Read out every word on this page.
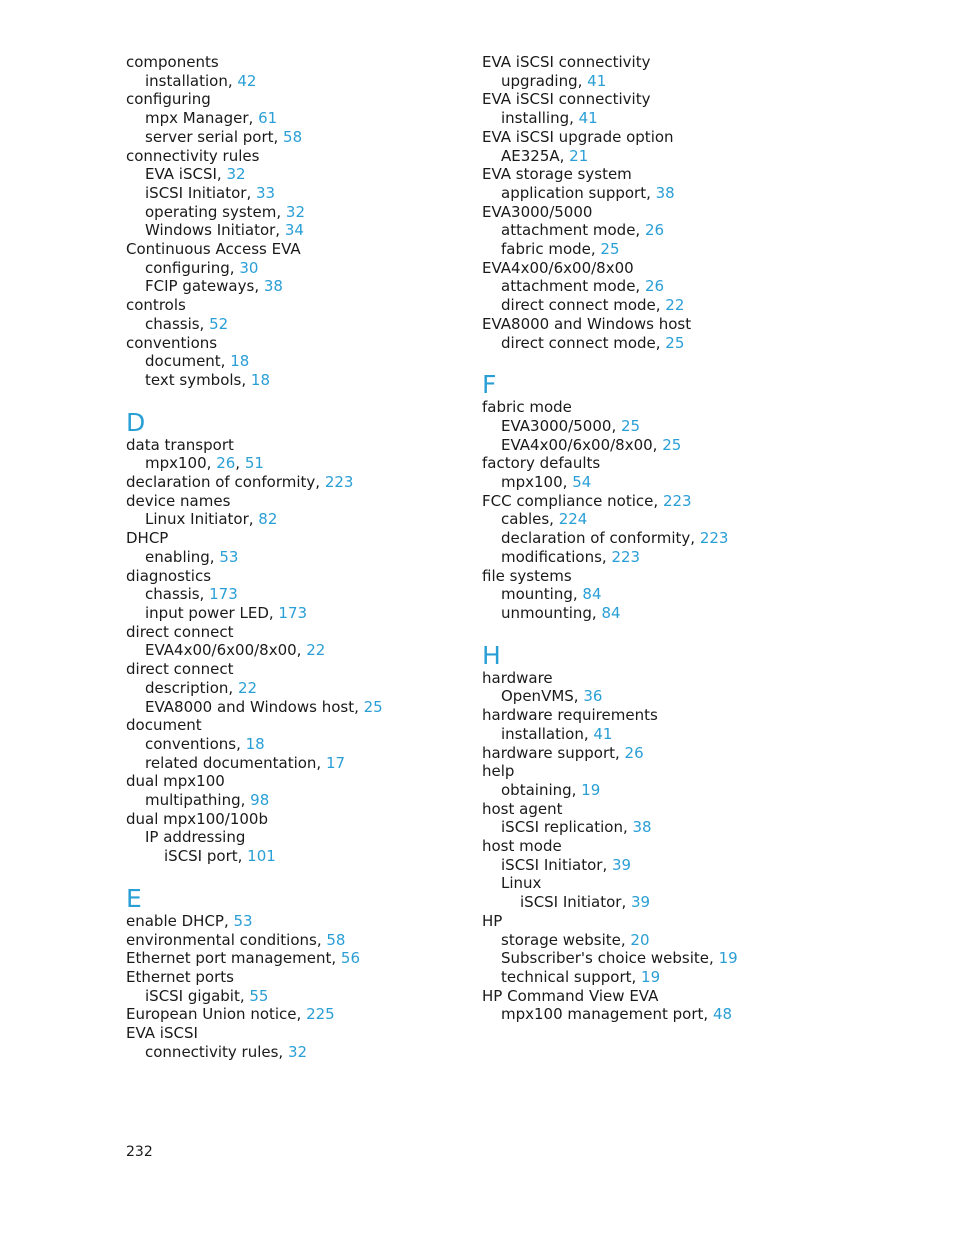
components
installation, 42
configuring
mpx Manager, 61
server serial port, 58
connectivity rules
EVA iSCSI, 32
iSCSI Initiator, 33
operating system, 32
Windows Initiator, 34
Continuous Access EVA
configuring, 30
FCIP gateways, 38
controls
chassis, 52
conventions
document, 18
text symbols, 18
D
data transport
mpx100, 26, 51
declaration of conformity, 223
device names
Linux Initiator, 82
DHCP
enabling, 53
diagnostics
chassis, 173
input power LED, 173
direct connect
EVA4x00/6x00/8x00, 22
direct connect
description, 22
EVA8000 and Windows host, 25
document
conventions, 18
related documentation, 17
dual mpx100
multipathing, 98
dual mpx100/100b
IP addressing
iSCSI port, 101
E
enable DHCP, 53
environmental conditions, 58
Ethernet port management, 56
Ethernet ports
iSCSI gigabit, 55
European Union notice, 225
EVA iSCSI
connectivity rules, 32
EVA iSCSI connectivity
upgrading, 41
EVA iSCSI connectivity
installing, 41
EVA iSCSI upgrade option
AE325A, 21
EVA storage system
application support, 38
EVA3000/5000
attachment mode, 26
fabric mode, 25
EVA4x00/6x00/8x00
attachment mode, 26
direct connect mode, 22
EVA8000 and Windows host
direct connect mode, 25
F
fabric mode
EVA3000/5000, 25
EVA4x00/6x00/8x00, 25
factory defaults
mpx100, 54
FCC compliance notice, 223
cables, 224
declaration of conformity, 223
modifications, 223
file systems
mounting, 84
unmounting, 84
H
hardware
OpenVMS, 36
hardware requirements
installation, 41
hardware support, 26
help
obtaining, 19
host agent
iSCSI replication, 38
host mode
iSCSI Initiator, 39
Linux
iSCSI Initiator, 39
HP
storage website, 20
Subscriber's choice website, 19
technical support, 19
HP Command View EVA
mpx100 management port, 48
232
